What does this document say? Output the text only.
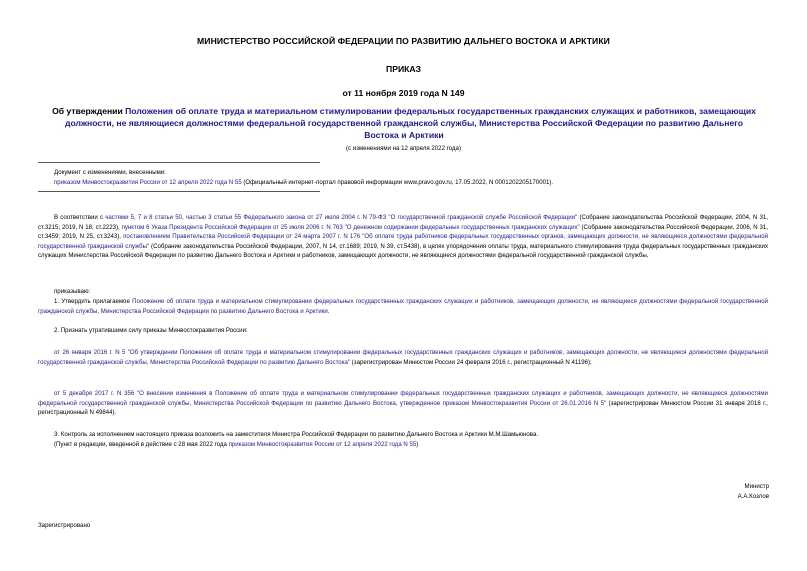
МИНИСТЕРСТВО РОССИЙСКОЙ ФЕДЕРАЦИИ ПО РАЗВИТИЮ ДАЛЬНЕГО ВОСТОКА И АРКТИКИ
ПРИКАЗ
от 11 ноября 2019 года N 149
Об утверждении Положения об оплате труда и материальном стимулировании федеральных государственных гражданских служащих и работников, замещающих должности, не являющиеся должностями федеральной государственной гражданской службы, Министерства Российской Федерации по развитию Дальнего Востока и Арктики
(с изменениями на 12 апреля 2022 года)
Документ с изменениями, внесенными:
приказом Минвостокразвития России от 12 апреля 2022 года N 55 (Официальный интернет-портал правовой информации www.pravo.gov.ru, 17.05.2022, N 0001202205170001).
В соответствии с частями 5, 7 и 8 статьи 50, частью 3 статьи 55 Федерального закона от 27 июля 2004 г. N 79-ФЗ "О государственной гражданской службе Российской Федерации" (Собрание законодательства Российской Федерации, 2004, N 31, ст.3215; 2019, N 18, ст.2223), пунктом 6 Указа Президента Российской Федерации от 25 июля 2006 г. N 763 "О денежном содержании федеральных государственных гражданских служащих" (Собрание законодательства Российской Федерации, 2006, N 31, ст.3459; 2019, N 25, ст.3243), постановлением Правительства Российской Федерации от 24 марта 2007 г. N 176 "Об оплате труда работников федеральных государственных органов, замещающих должности, не являющиеся должностями федеральной государственной гражданской службы" (Собрание законодательства Российской Федерации, 2007, N 14, ст.1689; 2019, N 39, ст.5438), в целях упорядочения оплаты труда, материального стимулирования труда федеральных государственных гражданских служащих Министерства Российской Федерации по развитию Дальнего Востока и Арктики и работников, замещающих должности, не являющиеся должностями федеральной государственной гражданской службы,
приказываю:
1. Утвердить прилагаемое Положение об оплате труда и материальном стимулировании федеральных государственных гражданских служащих и работников, замещающих должности, не являющиеся должностями федеральной государственной гражданской службы, Министерства Российской Федерации по развитию Дальнего Востока и Арктики.
2. Признать утратившими силу приказы Минвостокразвития России:
от 26 января 2016 г. N 5 "Об утверждении Положения об оплате труда и материальном стимулировании федеральных государственных гражданских служащих и работников, замещающих должности, не являющиеся должностями федеральной государственной гражданской службы, Министерства Российской Федерации по развитию Дальнего Востока" (зарегистрирован Минюстом России 24 февраля 2016 г., регистрационный N 41196);
от 5 декабря 2017 г. N 356 "О внесении изменения в Положение об оплате труда и материальном стимулировании федеральных государственных гражданских служащих и работников, замещающих должности, не являющиеся должностями федеральной государственной гражданской службы, Министерства Российской Федерации по развитию Дальнего Востока, утвержденное приказом Минвостокразвития России от 26.01.2016 N 5" (зарегистрирован Минюстом России 31 января 2018 г., регистрационный N 49844).
3. Контроль за исполнением настоящего приказа возложить на заместителя Министра Российской Федерации по развитию Дальнего Востока и Арктики М.М.Шамьюнова.
(Пункт в редакции, введенной в действие с 28 мая 2022 года приказом Минвостокразвития России от 12 апреля 2022 года N 55)
Министр
А.А.Козлов
Зарегистрировано
